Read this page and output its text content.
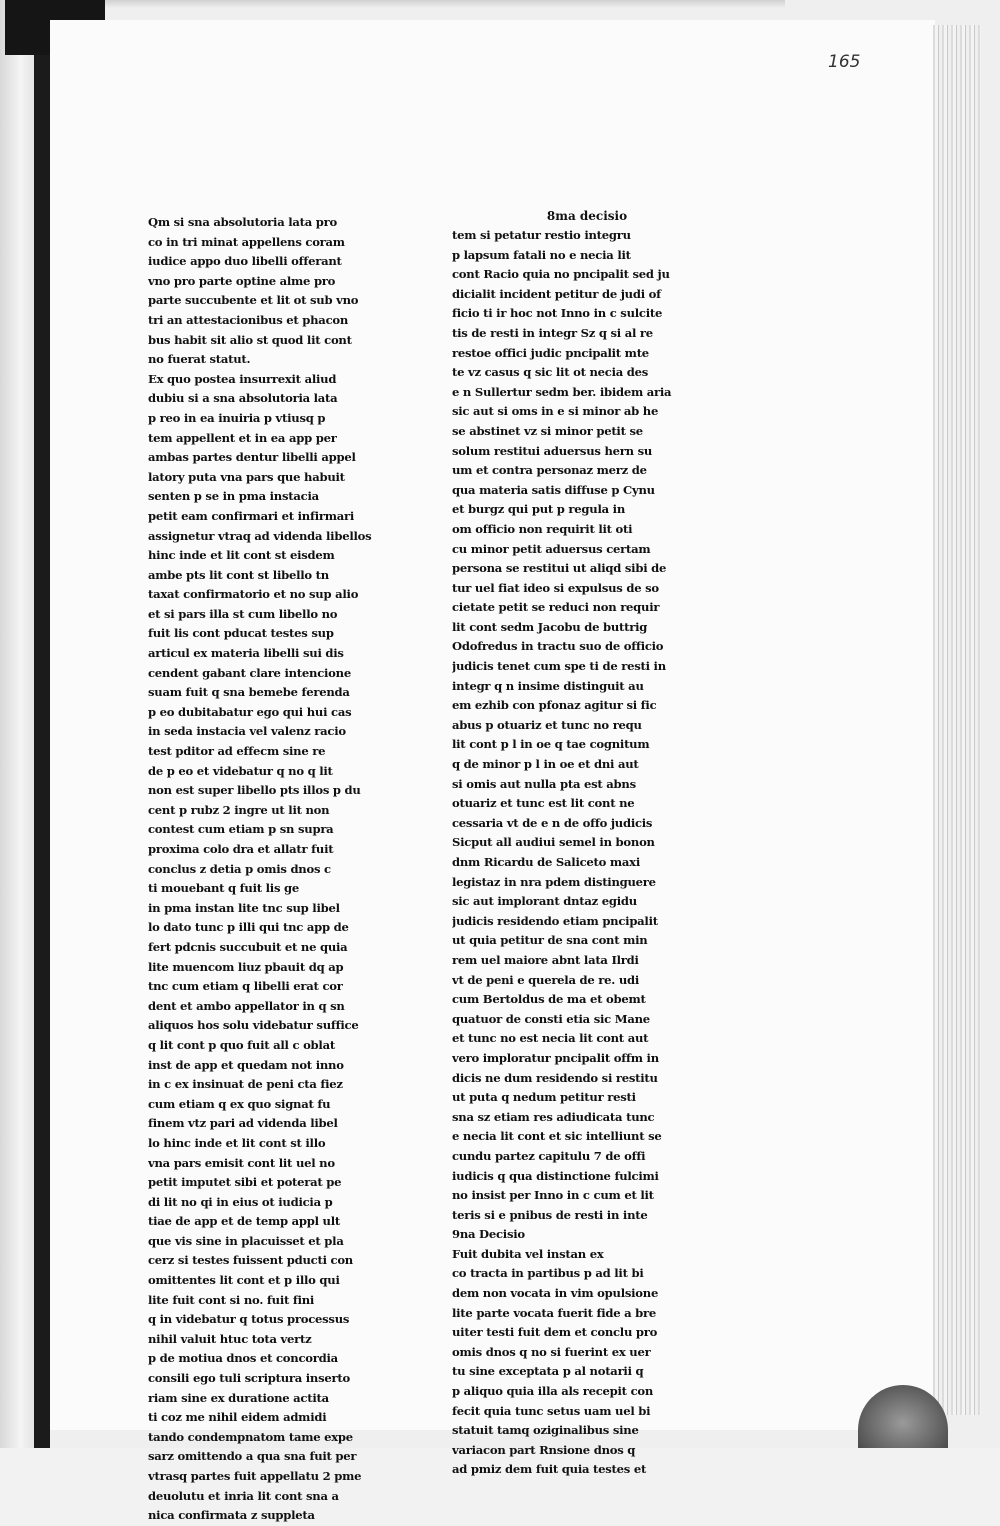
165
Qm si sna absolutoria lata pro
co in tri minat appellens coram
iudice appo duo libelli offerant
vno pro parte optine alme pro
parte succubente et lit ot sub vno
tri an attestacionibus et phacon
bus habit sit alio st quod lit cont
no fuerat statut.
Ex quo postea insurrexit aliud
dubiu si a sna absolutoria lata
p reo in ea inuiria p vtiusq p
tem appellent et in ea app per
ambas partes dentur libelli appel
latory puta vna pars que habuit
senten p se in pma instacia
petit eam confirmari et infirmari
assignetur vtraq ad videnda libellos
hinc inde et lit cont st eisdem
ambe pts lit cont st libello tn
taxat confirmatorio et no sup alio
et si pars illa st cum libello no
fuit lis cont pducat testes sup
articul ex materia libelli sui dis
cendent gabant clare intencione
suam fuit q sna bemebe ferenda
p eo dubitabatur ego qui hui cas
in seda instacia vel valenz racio
test pditor ad effecm sine re
de p eo et videbatur q no q lit
non est super libello pts illos p du
cent p rubz 2 ingre ut lit non
contest cum etiam p sn supra
proxima colo dra et allatr fuit
conclus z detia p omis dnos c
ti mouebant q fuit lis ge
in pma instan lite tnc sup libel
lo dato tunc p illi qui tnc app de
fert pdcnis succubuit et ne quia
lite muencom liuz pbauit dq ap
tnc cum etiam q libelli erat cor
dent et ambo appellator in q sn
aliquos hos solu videbatur suffice
q lit cont p quo fuit all c oblat
inst de app et quedam not inno
in c ex insinuat de peni cta fiez
cum etiam q ex quo signat fu
finem vtz pari ad videnda libel
lo hinc inde et lit cont st illo
vna pars emisit cont lit uel no
petit imputet sibi et poterat pe
di lit no qi in eius ot iudicia p
tiae de app et de temp appl ult
que vis sine in placuisset et pla
cerz si testes fuissent pducti con
omittentes lit cont et p illo qui
lite fuit cont si no. fuit fini
q in videbatur q totus processus
nihil valuit htuc tota vertz
p de motiua dnos et concordia
consili ego tuli scriptura inserto
riam sine ex duratione actita
ti coz me nihil eidem admidi
tando condempnatom tame expe
sarz omittendo a qua sna fuit per
vtrasq partes fuit appellatu 2 pme
deuolutu et inria lit cont sna a
nica confirmata z suppleta
8ma decisio
tem si petatur restio integru
p lapsum fatali no e necia lit
cont Racio quia no pncipalit sed ju
dicialit incident petitur de judi of
ficio ti ir hoc not Inno in c sulcite
tis de resti in integr Sz q si al re
restoe offici judic pncipalit mte
te vz casus q sic lit ot necia des
e n Sullertur sedm ber. ibidem aria
sic aut si oms in e si minor ab he
se abstinet vz si minor petit se
solum restitui aduersus hern su
um et contra personaz merz de
qua materia satis diffuse p Cynu
et burgz qui put p regula in
om officio non requirit lit oti
cu minor petit aduersus certam
persona se restitui ut aliqd sibi de
tur uel fiat ideo si expulsus de so
cietate petit se reduci non requir
lit cont sedm Jacobu de buttrig
Odofredus in tractu suo de officio
judicis tenet cum spe ti de resti in
integr q n insime distinguit au
em ezhib con pfonaz agitur si fic
abus p otuariz et tunc no requ
lit cont p l in oe q tae cognitum
q de minor p l in oe et dni aut
si omis aut nulla pta est abns
otuariz et tunc est lit cont ne
cessaria vt de e n de offo judicis
Sicput all audiui semel in bonon
dnm Ricardu de Saliceto maxi
legistaz in nra pdem distinguere
sic aut implorant dntaz egidu
judicis residendo etiam pncipalit
ut quia petitur de sna cont min
rem uel maiore abnt lata Ilrdi
vt de peni e querela de re. udi
cum Bertoldus de ma et obemt
quatuor de consti etia sic Mane
et tunc no est necia lit cont aut
vero imploratur pncipalit offm in
dicis ne dum residendo si restitu
ut puta q nedum petitur resti
sna sz etiam res adiudicata tunc
e necia lit cont et sic intelliunt se
cundu partez capitulu 7 de offi
iudicis q qua distinctione fulcimi
no insist per Inno in c cum et lit
teris si e pnibus de resti in inte
9na Decisio
Fuit dubita vel instan ex
co tracta in partibus p ad lit bi
dem non vocata in vim opulsione
lite parte vocata fuerit fide a bre
uiter testi fuit dem et conclu pro
omis dnos q no si fuerint ex uer
tu sine exceptata p al notarii q
p aliquo quia illa als recepit con
fecit quia tunc setus uam uel bi
statuit tamq oziginalibus sine
variacon part Rnsione dnos q
ad pmiz dem fuit quia testes et
